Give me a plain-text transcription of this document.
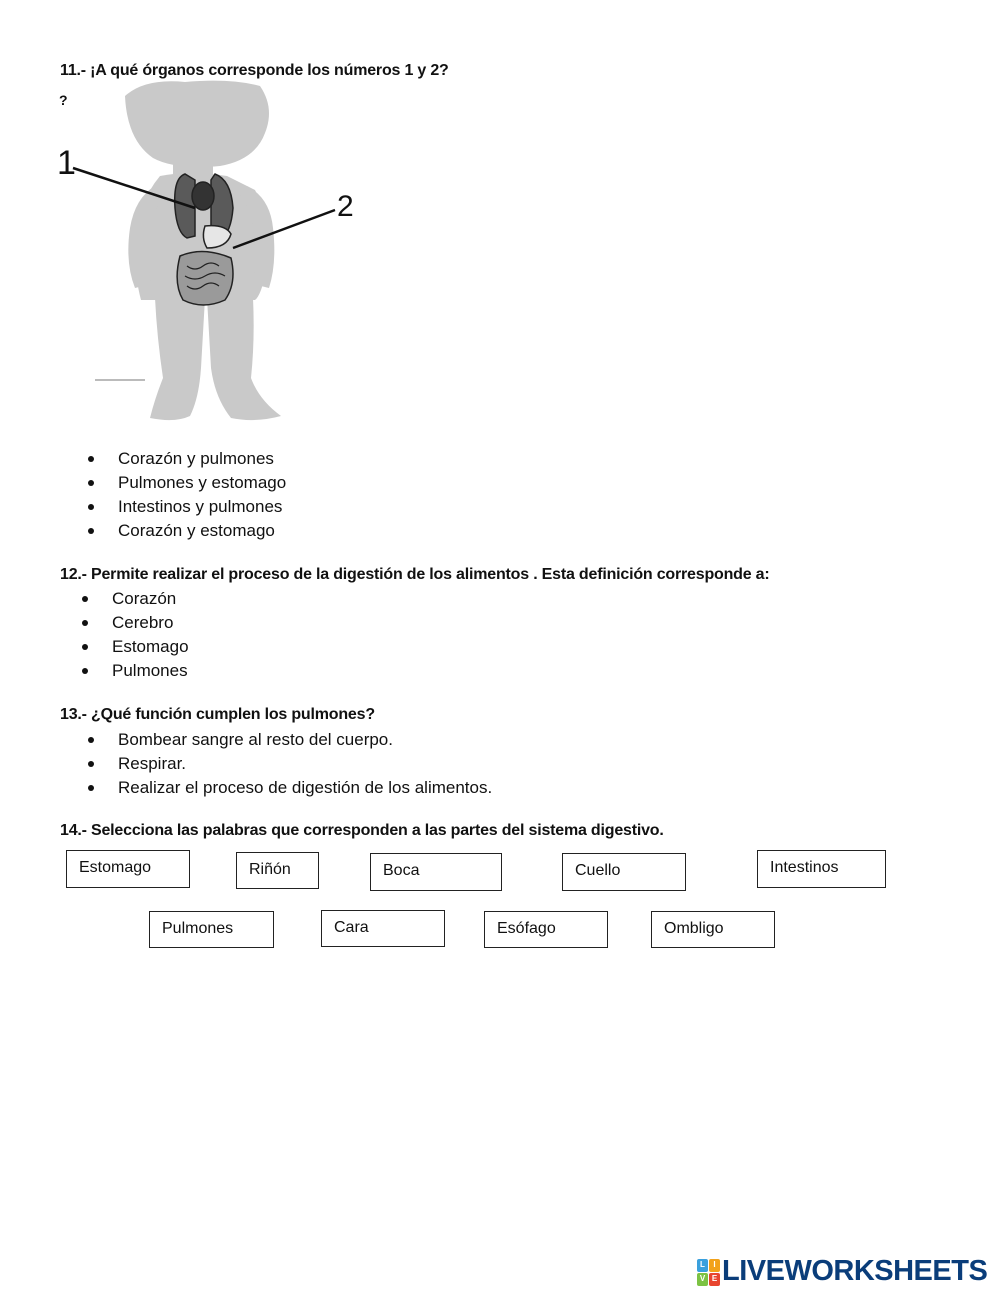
11.- ¡A qué órganos corresponde los números 1 y 2?
?
1
2
Corazón y pulmones
Pulmones y estomago
Intestinos y pulmones
Corazón y estomago
12.- Permite realizar el proceso de la digestión de los alimentos . Esta definición corresponde a:
Corazón
Cerebro
Estomago
Pulmones
13.- ¿Qué función cumplen los pulmones?
Bombear sangre al resto del cuerpo.
Respirar.
Realizar el proceso de digestión de los alimentos.
14.- Selecciona las palabras que corresponden a las partes del sistema digestivo.
Estomago	Riñón	Boca	Cuello	Intestinos
Pulmones	Cara	Esófago	Ombligo
L	I
V E LIVEWORKSHEETS
